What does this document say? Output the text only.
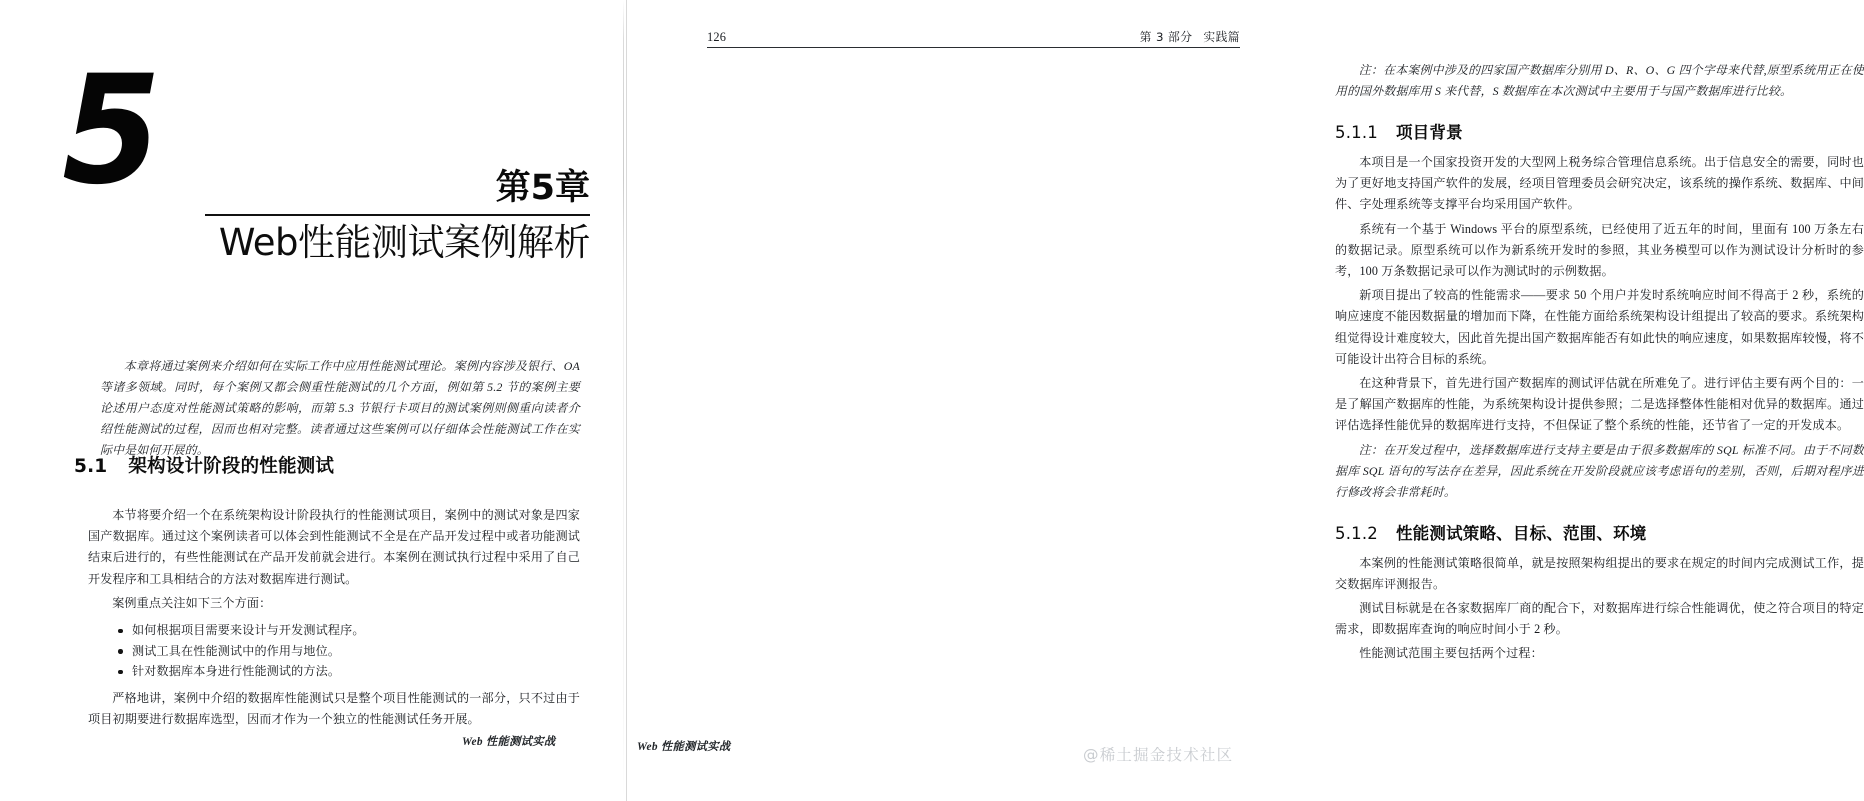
5	第5章
Web性能测试案例解析

本章将通过案例来介绍如何在实际工作中应用性能测试理论。案例内容涉及银行、OA等诸多领域。同时，每个案例又都会侧重性能测试的几个方面，例如第 5.2 节的案例主要论述用户态度对性能测试策略的影响，而第 5.3 节银行卡项目的测试案例则侧重向读者介绍性能测试的过程，因而也相对完整。读者通过这些案例可以仔细体会性能测试工作在实际中是如何开展的。

5.1 架构设计阶段的性能测试

本节将要介绍一个在系统架构设计阶段执行的性能测试项目，案例中的测试对象是四家国产数据库。通过这个案例读者可以体会到性能测试不全是在产品开发过程中或者功能测试结束后进行的，有些性能测试在产品开发前就会进行。本案例在测试执行过程中采用了自己开发程序和工具相结合的方法对数据库进行测试。

案例重点关注如下三个方面：

如何根据项目需要来设计与开发测试程序。
测试工具在性能测试中的作用与地位。
针对数据库本身进行性能测试的方法。

严格地讲，案例中介绍的数据库性能测试只是整个项目性能测试的一部分，只不过由于项目初期要进行数据库选型，因而才作为一个独立的性能测试任务开展。

Web 性能测试实战
126	第 3 部分 实践篇

注：在本案例中涉及的四家国产数据库分别用 D、R、O、G 四个字母来代替,原型系统用正在使用的国外数据库用 S 来代替，S 数据库在本次测试中主要用于与国产数据库进行比较。

5.1.1 项目背景

本项目是一个国家投资开发的大型网上税务综合管理信息系统。出于信息安全的需要，同时也为了更好地支持国产软件的发展，经项目管理委员会研究决定，该系统的操作系统、数据库、中间件、字处理系统等支撑平台均采用国产软件。

系统有一个基于 Windows 平台的原型系统，已经使用了近五年的时间，里面有 100 万条左右的数据记录。原型系统可以作为新系统开发时的参照，其业务模型可以作为测试设计分析时的参考，100 万条数据记录可以作为测试时的示例数据。

新项目提出了较高的性能需求——要求 50 个用户并发时系统响应时间不得高于 2 秒，系统的响应速度不能因数据量的增加而下降，在性能方面给系统架构设计组提出了较高的要求。系统架构组觉得设计难度较大，因此首先提出国产数据库能否有如此快的响应速度，如果数据库较慢，将不可能设计出符合目标的系统。

在这种背景下，首先进行国产数据库的测试评估就在所难免了。进行评估主要有两个目的：一是了解国产数据库的性能，为系统架构设计提供参照；二是选择整体性能相对优异的数据库。通过评估选择性能优异的数据库进行支持，不但保证了整个系统的性能，还节省了一定的开发成本。

注：在开发过程中，选择数据库进行支持主要是由于很多数据库的 SQL 标准不同。由于不同数据库 SQL 语句的写法存在差异，因此系统在开发阶段就应该考虑语句的差别，否则，后期对程序进行修改将会非常耗时。

5.1.2 性能测试策略、目标、范围、环境

本案例的性能测试策略很简单，就是按照架构组提出的要求在规定的时间内完成测试工作，提交数据库评测报告。

测试目标就是在各家数据库厂商的配合下，对数据库进行综合性能调优，使之符合项目的特定需求，即数据库查询的响应时间小于 2 秒。

性能测试范围主要包括两个过程：

Web 性能测试实战	@稀土掘金技术社区
